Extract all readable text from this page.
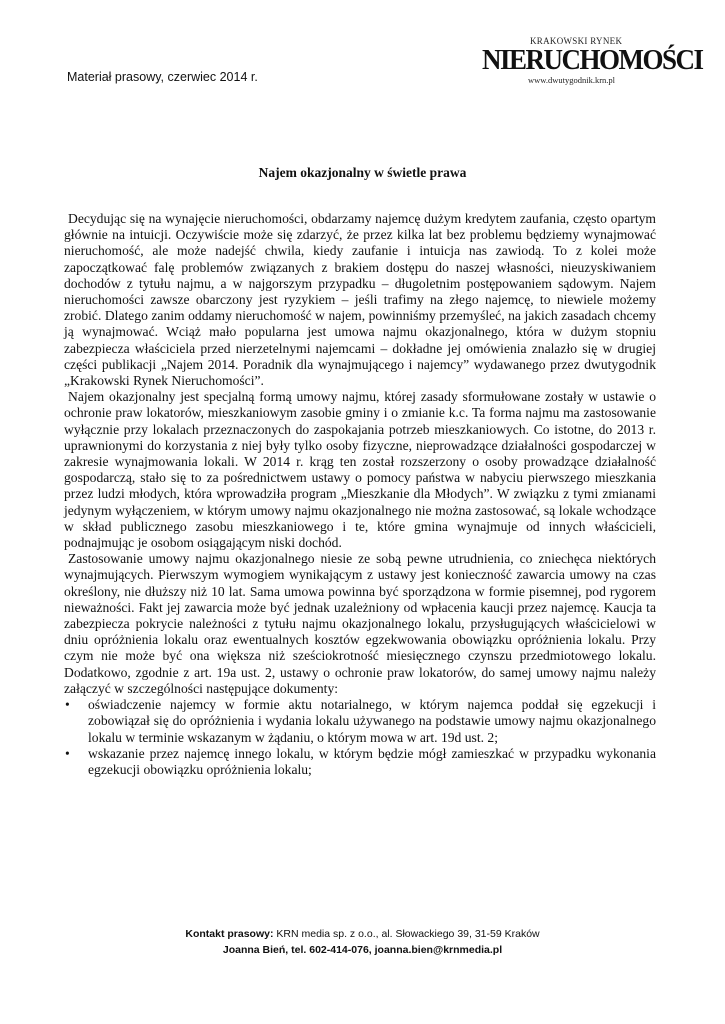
Materiał prasowy, czerwiec 2014 r.
KRAKOWSKI RYNEK
NIERUCHOMOŚCI
www.dwutygodnik.krn.pl
Najem okazjonalny w świetle prawa

Decydując się na wynajęcie nieruchomości, obdarzamy najemcę dużym kredytem zaufania, często opartym głównie na intuicji. Oczywiście może się zdarzyć, że przez kilka lat bez problemu będziemy wynajmować nieruchomość, ale może nadejść chwila, kiedy zaufanie i intuicja nas zawiodą. To z kolei może zapoczątkować falę problemów związanych z brakiem dostępu do naszej własności, nieuzyskiwaniem dochodów z tytułu najmu, a w najgorszym przypadku – długoletnim postępowaniem sądowym. Najem nieruchomości zawsze obarczony jest ryzykiem – jeśli trafimy na złego najemcę, to niewiele możemy zrobić. Dlatego zanim oddamy nieruchomość w najem, powinniśmy przemyśleć, na jakich zasadach chcemy ją wynajmować. Wciąż mało popularna jest umowa najmu okazjonalnego, która w dużym stopniu zabezpiecza właściciela przed nierzetelnymi najemcami – dokładne jej omówienia znalazło się w drugiej części publikacji „Najem 2014. Poradnik dla wynajmującego i najemcy” wydawanego przez dwutygodnik „Krakowski Rynek Nieruchomości”.

Najem okazjonalny jest specjalną formą umowy najmu, której zasady sformułowane zostały w ustawie o ochronie praw lokatorów, mieszkaniowym zasobie gminy i o zmianie k.c. Ta forma najmu ma zastosowanie wyłącznie przy lokalach przeznaczonych do zaspokajania potrzeb mieszkaniowych. Co istotne, do 2013 r. uprawnionymi do korzystania z niej były tylko osoby fizyczne, nieprowadzące działalności gospodarczej w zakresie wynajmowania lokali. W 2014 r. krąg ten został rozszerzony o osoby prowadzące działalność gospodarczą, stało się to za pośrednictwem ustawy o pomocy państwa w nabyciu pierwszego mieszkania przez ludzi młodych, która wprowadziła program „Mieszkanie dla Młodych”. W związku z tymi zmianami jedynym wyłączeniem, w którym umowy najmu okazjonalnego nie można zastosować, są lokale wchodzące w skład publicznego zasobu mieszkaniowego i te, które gmina wynajmuje od innych właścicieli, podnajmując je osobom osiągającym niski dochód.

Zastosowanie umowy najmu okazjonalnego niesie ze sobą pewne utrudnienia, co zniechęca niektórych wynajmujących. Pierwszym wymogiem wynikającym z ustawy jest konieczność zawarcia umowy na czas określony, nie dłuższy niż 10 lat. Sama umowa powinna być sporządzona w formie pisemnej, pod rygorem nieważności. Fakt jej zawarcia może być jednak uzależniony od wpłacenia kaucji przez najemcę. Kaucja ta zabezpiecza pokrycie należności z tytułu najmu okazjonalnego lokalu, przysługujących właścicielowi w dniu opróżnienia lokalu oraz ewentualnych kosztów egzekwowania obowiązku opróżnienia lokalu. Przy czym nie może być ona większa niż sześciokrotność miesięcznego czynszu przedmiotowego lokalu. Dodatkowo, zgodnie z art. 19a ust. 2, ustawy o ochronie praw lokatorów, do samej umowy najmu należy załączyć w szczególności następujące dokumenty:

•	oświadczenie najemcy w formie aktu notarialnego, w którym najemca poddał się egzekucji i zobowiązał się do opróżnienia i wydania lokalu używanego na podstawie umowy najmu okazjonalnego lokalu w terminie wskazanym w żądaniu, o którym mowa w art. 19d ust. 2;
•	wskazanie przez najemcę innego lokalu, w którym będzie mógł zamieszkać w przypadku wykonania egzekucji obowiązku opróżnienia lokalu;
Kontakt prasowy: KRN media sp. z o.o., al. Słowackiego 39, 31-59 Kraków
Joanna Bień, tel. 602-414-076, joanna.bien@krnmedia.pl
